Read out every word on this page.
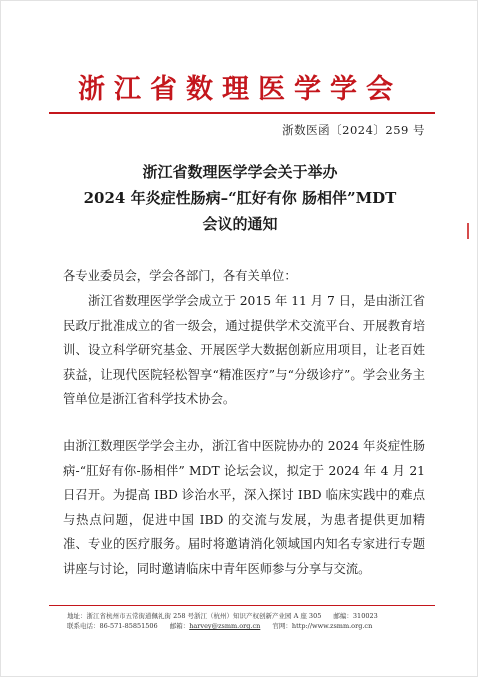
浙江省数理医学学会
浙数医函〔2024〕259 号
浙江省数理医学学会关于举办
2024 年炎症性肠病–“肛好有你 肠相伴”MDT
会议的通知
各专业委员会，学会各部门，各有关单位：
浙江省数理医学学会成立于 2015 年 11 月 7 日，是由浙江省民政厅批准成立的省一级会，通过提供学术交流平台、开展教育培训、设立科学研究基金、开展医学大数据创新应用项目，让老百姓获益，让现代医院轻松智享“精准医疗”与“分级诊疗”。学会业务主管单位是浙江省科学技术协会。
由浙江数理医学学会主办，浙江省中医院协办的 2024 年炎症性肠病-“肛好有你-肠相伴” MDT 论坛会议，拟定于 2024 年 4 月 21 日召开。为提高 IBD 诊治水平，深入探讨 IBD 临床实践中的难点与热点问题，促进中国 IBD 的交流与发展，为患者提供更加精准、专业的医疗服务。届时将邀请消化领域国内知名专家进行专题讲座与讨论，同时邀请临床中青年医师参与分享与交流。
地址：浙江省杭州市五常街道佩礼街 258 号浙江（杭州）知识产权创新产业园 A 座 305 邮编：310023
联系电话：86-571-85851506 邮箱：harvey@zsmm.org.cn 官网：http://www.zsmm.org.cn
